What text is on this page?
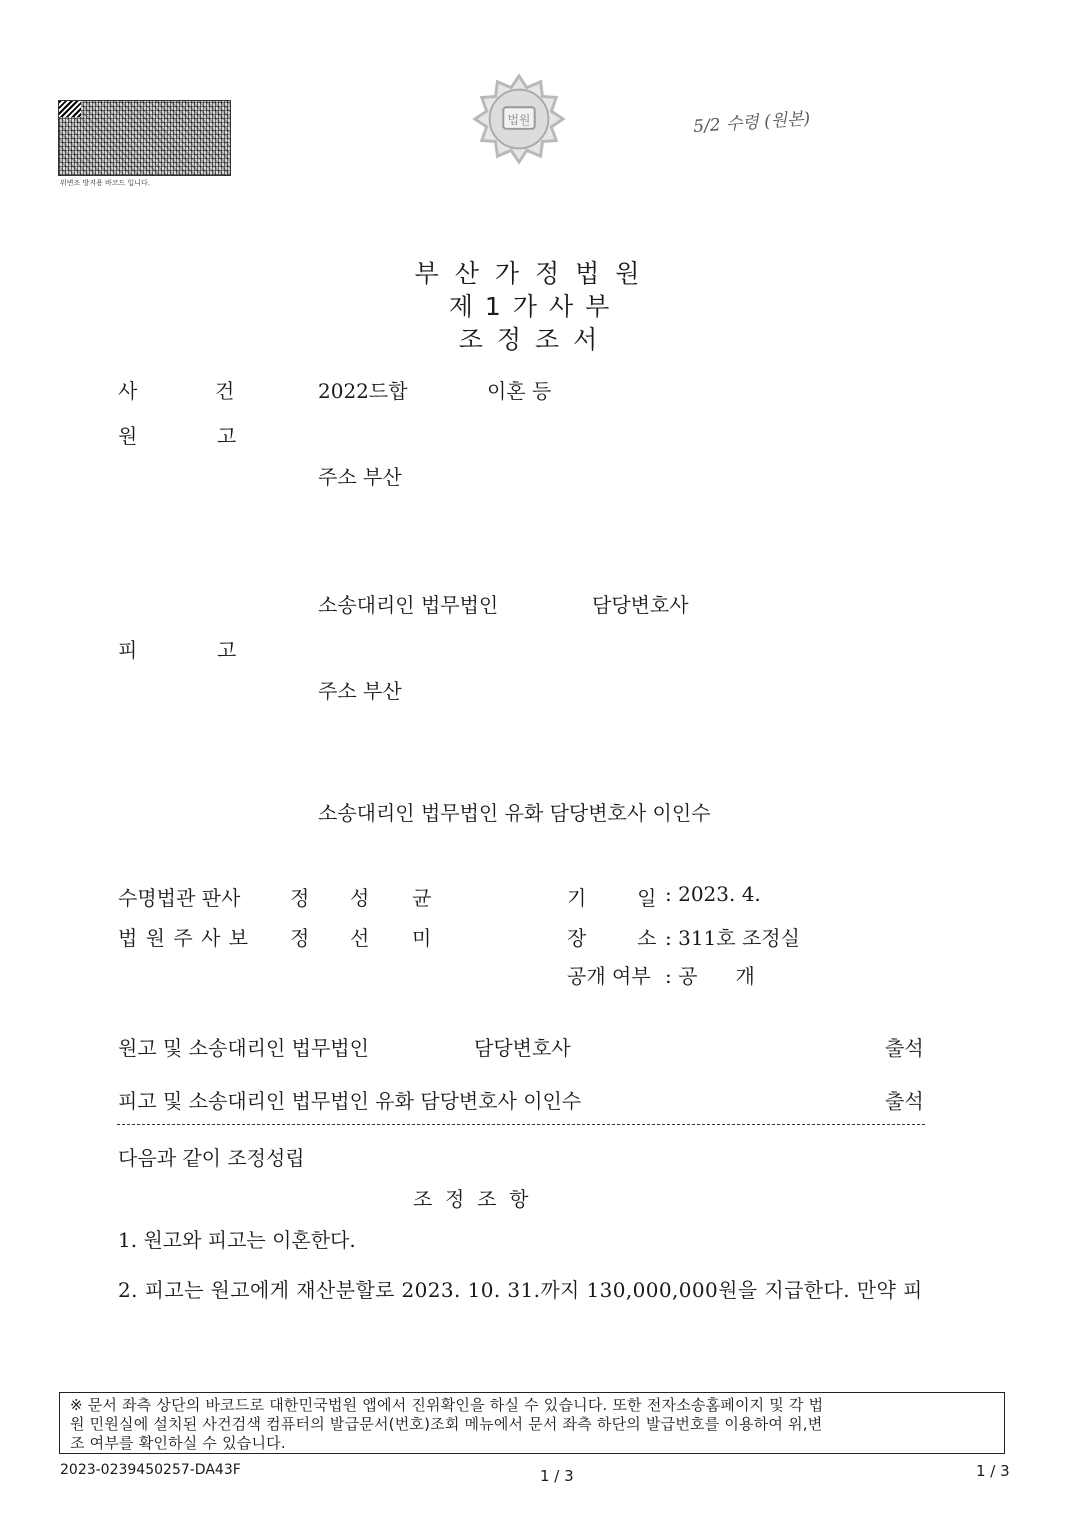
위변조 방지용 바코드 입니다.
법원	5/2 수령 (원본)
부산가정법원
제1가사부
조정조서
사	건	2022드합	이혼 등
원	고
주소 부산
소송대리인 법무법인	담당변호사
피	고
주소 부산
소송대리인 법무법인 유화 담당변호사 이인수
수명법관 판사 정 성 균
법 원 주 사 보 정 선 미
기        일 : 2023. 4.
장        소 : 311호 조정실
공개 여부 : 공      개
원고 및 소송대리인 법무법인	담당변호사	출석
피고 및 소송대리인 법무법인 유화 담당변호사 이인수	출석
다음과 같이 조정성립
조  정  조  항
1. 원고와 피고는 이혼한다.
2. 피고는 원고에게 재산분할로 2023. 10. 31.까지 130,000,000원을 지급한다. 만약 피
※ 문서 좌측 상단의 바코드로 대한민국법원 앱에서 진위확인을 하실 수 있습니다. 또한 전자소송홈페이지 및 각 법
원 민원실에 설치된 사건검색 컴퓨터의 발급문서(번호)조회 메뉴에서 문서 좌측 하단의 발급번호를 이용하여 위,변
조 여부를 확인하실 수 있습니다.
2023-0239450257-DA43F	1 / 3	1 / 3
